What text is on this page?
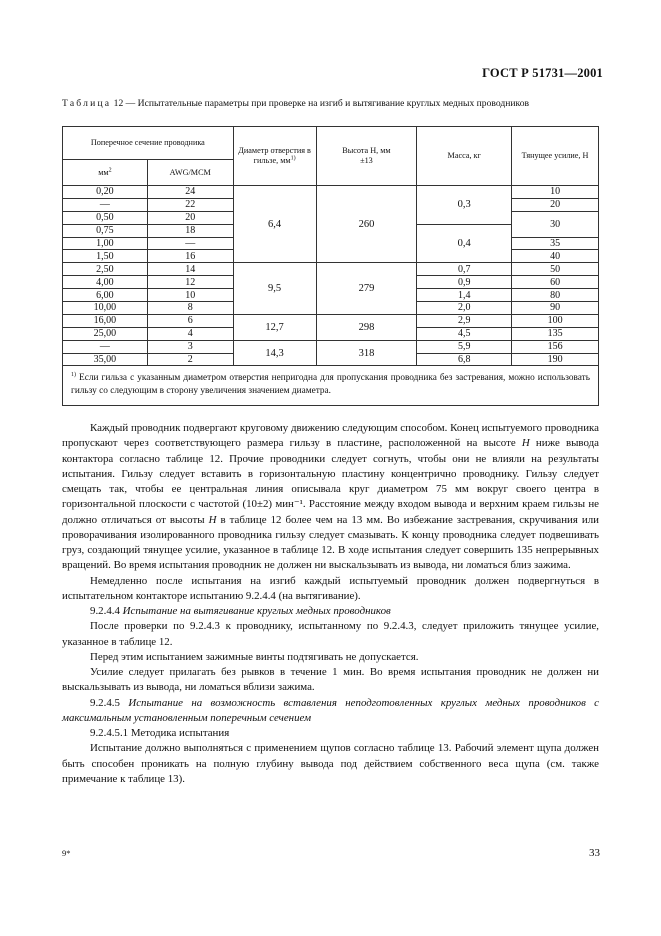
ГОСТ Р 51731—2001
Таблица 12 — Испытательные параметры при проверке на изгиб и вытягивание круглых медных проводников
Поперечное сечение проводника		Диаметр отверстия в гильзе, $мм^{1)}$	Высота H, мм
±13	Масса, кг	Тянущее усилие, Н
$мм^2$	AWG/MCM				
0,20	24	6,4	260	0,3	10
—	22				20
0,50	20				30
0,75	18			0,4	
1,00	—				35
1,50	16				40
2,50	14	9,5	279	0,7	50
4,00	12			0,9	60
6,00	10			1,4	80
10,00	8			2,0	90
16,00	6	12,7	298	2,9	100
25,00	4			4,5	135
—	3	14,3	318	5,9	156
35,00	2			6,8	190
$^{1)}$ Если гильза с указанным диаметром отверстия непригодна для пропускания проводника без застревания, можно использовать гильзу со следующим в сторону увеличения значением диаметра.					

Каждый проводник подвергают круговому движению следующим способом. Конец испытуемого проводника пропускают через соответствующего размера гильзу в пластине, расположенной на высоте H ниже вывода контактора согласно таблице 12. Прочие проводники следует согнуть, чтобы они не влияли на результаты испытания. Гильзу следует вставить в горизонтальную пластину концентрично проводнику. Гильзу следует смещать так, чтобы ее центральная линия описывала круг диаметром 75 мм вокруг своего центра в горизонтальной плоскости с частотой (10±2) мин⁻¹. Расстояние между входом вывода и верхним краем гильзы не должно отличаться от высоты H в таблице 12 более чем на 13 мм. Во избежание застревания, скручивания или проворачивания изолированного проводника гильзу следует смазывать. К концу проводника следует подвешивать груз, создающий тянущее усилие, указанное в таблице 12. В ходе испытания следует совершить 135 непрерывных вращений. Во время испытания проводник не должен ни выскальзывать из вывода, ни ломаться близ зажима.

Немедленно после испытания на изгиб каждый испытуемый проводник должен подвергнуться в испытательном контакторе испытанию 9.2.4.4 (на вытягивание).

9.2.4.4 Испытание на вытягивание круглых медных проводников

После проверки по 9.2.4.3 к проводнику, испытанному по 9.2.4.3, следует приложить тянущее усилие, указанное в таблице 12.

Перед этим испытанием зажимные винты подтягивать не допускается.

Усилие следует прилагать без рывков в течение 1 мин. Во время испытания проводник не должен ни выскальзывать из вывода, ни ломаться вблизи зажима.

9.2.4.5 Испытание на возможность вставления неподготовленных круглых медных проводников с максимальным установленным поперечным сечением

9.2.4.5.1 Методика испытания

Испытание должно выполняться с применением щупов согласно таблице 13. Рабочий элемент щупа должен быть способен проникать на полную глубину вывода под действием собственного веса щупа (см. также примечание к таблице 13).

9*	33
